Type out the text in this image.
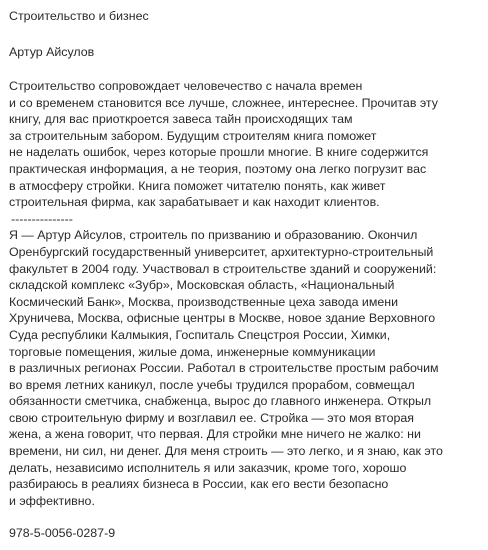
Строительство и бизнес
Артур Айсулов
Строительство сопровождает человечество с начала времен
и со временем становится все лучше, сложнее, интереснее. Прочитав эту
книгу, для вас приоткроется завеса тайн происходящих там
за строительным забором. Будущим строителям книга поможет
не наделать ошибок, через которые прошли многие. В книге содержится
практическая информация, а не теория, поэтому она легко погрузит вас
в атмосферу стройки. Книга поможет читателю понять, как живет
строительная фирма, как зарабатывает и как находит клиентов.
---------------
Я — Артур Айсулов, строитель по призванию и образованию. Окончил
Оренбургский государственный университет, архитектурно-строительный
факультет в 2004 году. Участвовал в строительстве зданий и сооружений:
складской комплекс «Зубр», Московская область, «Национальный
Космический Банк», Москва, производственные цеха завода имени
Хруничева, Москва, офисные центры в Москве, новое здание Верховного
Суда республики Калмыкия, Госпиталь Спецстроя России, Химки,
торговые помещения, жилые дома, инженерные коммуникации
в различных регионах России. Работал в строительстве простым рабочим
во время летних каникул, после учебы трудился прорабом, совмещал
обязанности сметчика, снабженца, вырос до главного инженера. Открыл
свою строительную фирму и возглавил ее. Стройка — это моя вторая
жена, а жена говорит, что первая. Для стройки мне ничего не жалко: ни
времени, ни сил, ни денег. Для меня строить — это легко, и я знаю, как это
делать, независимо исполнитель я или заказчик, кроме того, хорошо
разбираюсь в реалиях бизнеса в России, как его вести безопасно
и эффективно.
978-5-0056-0287-9
